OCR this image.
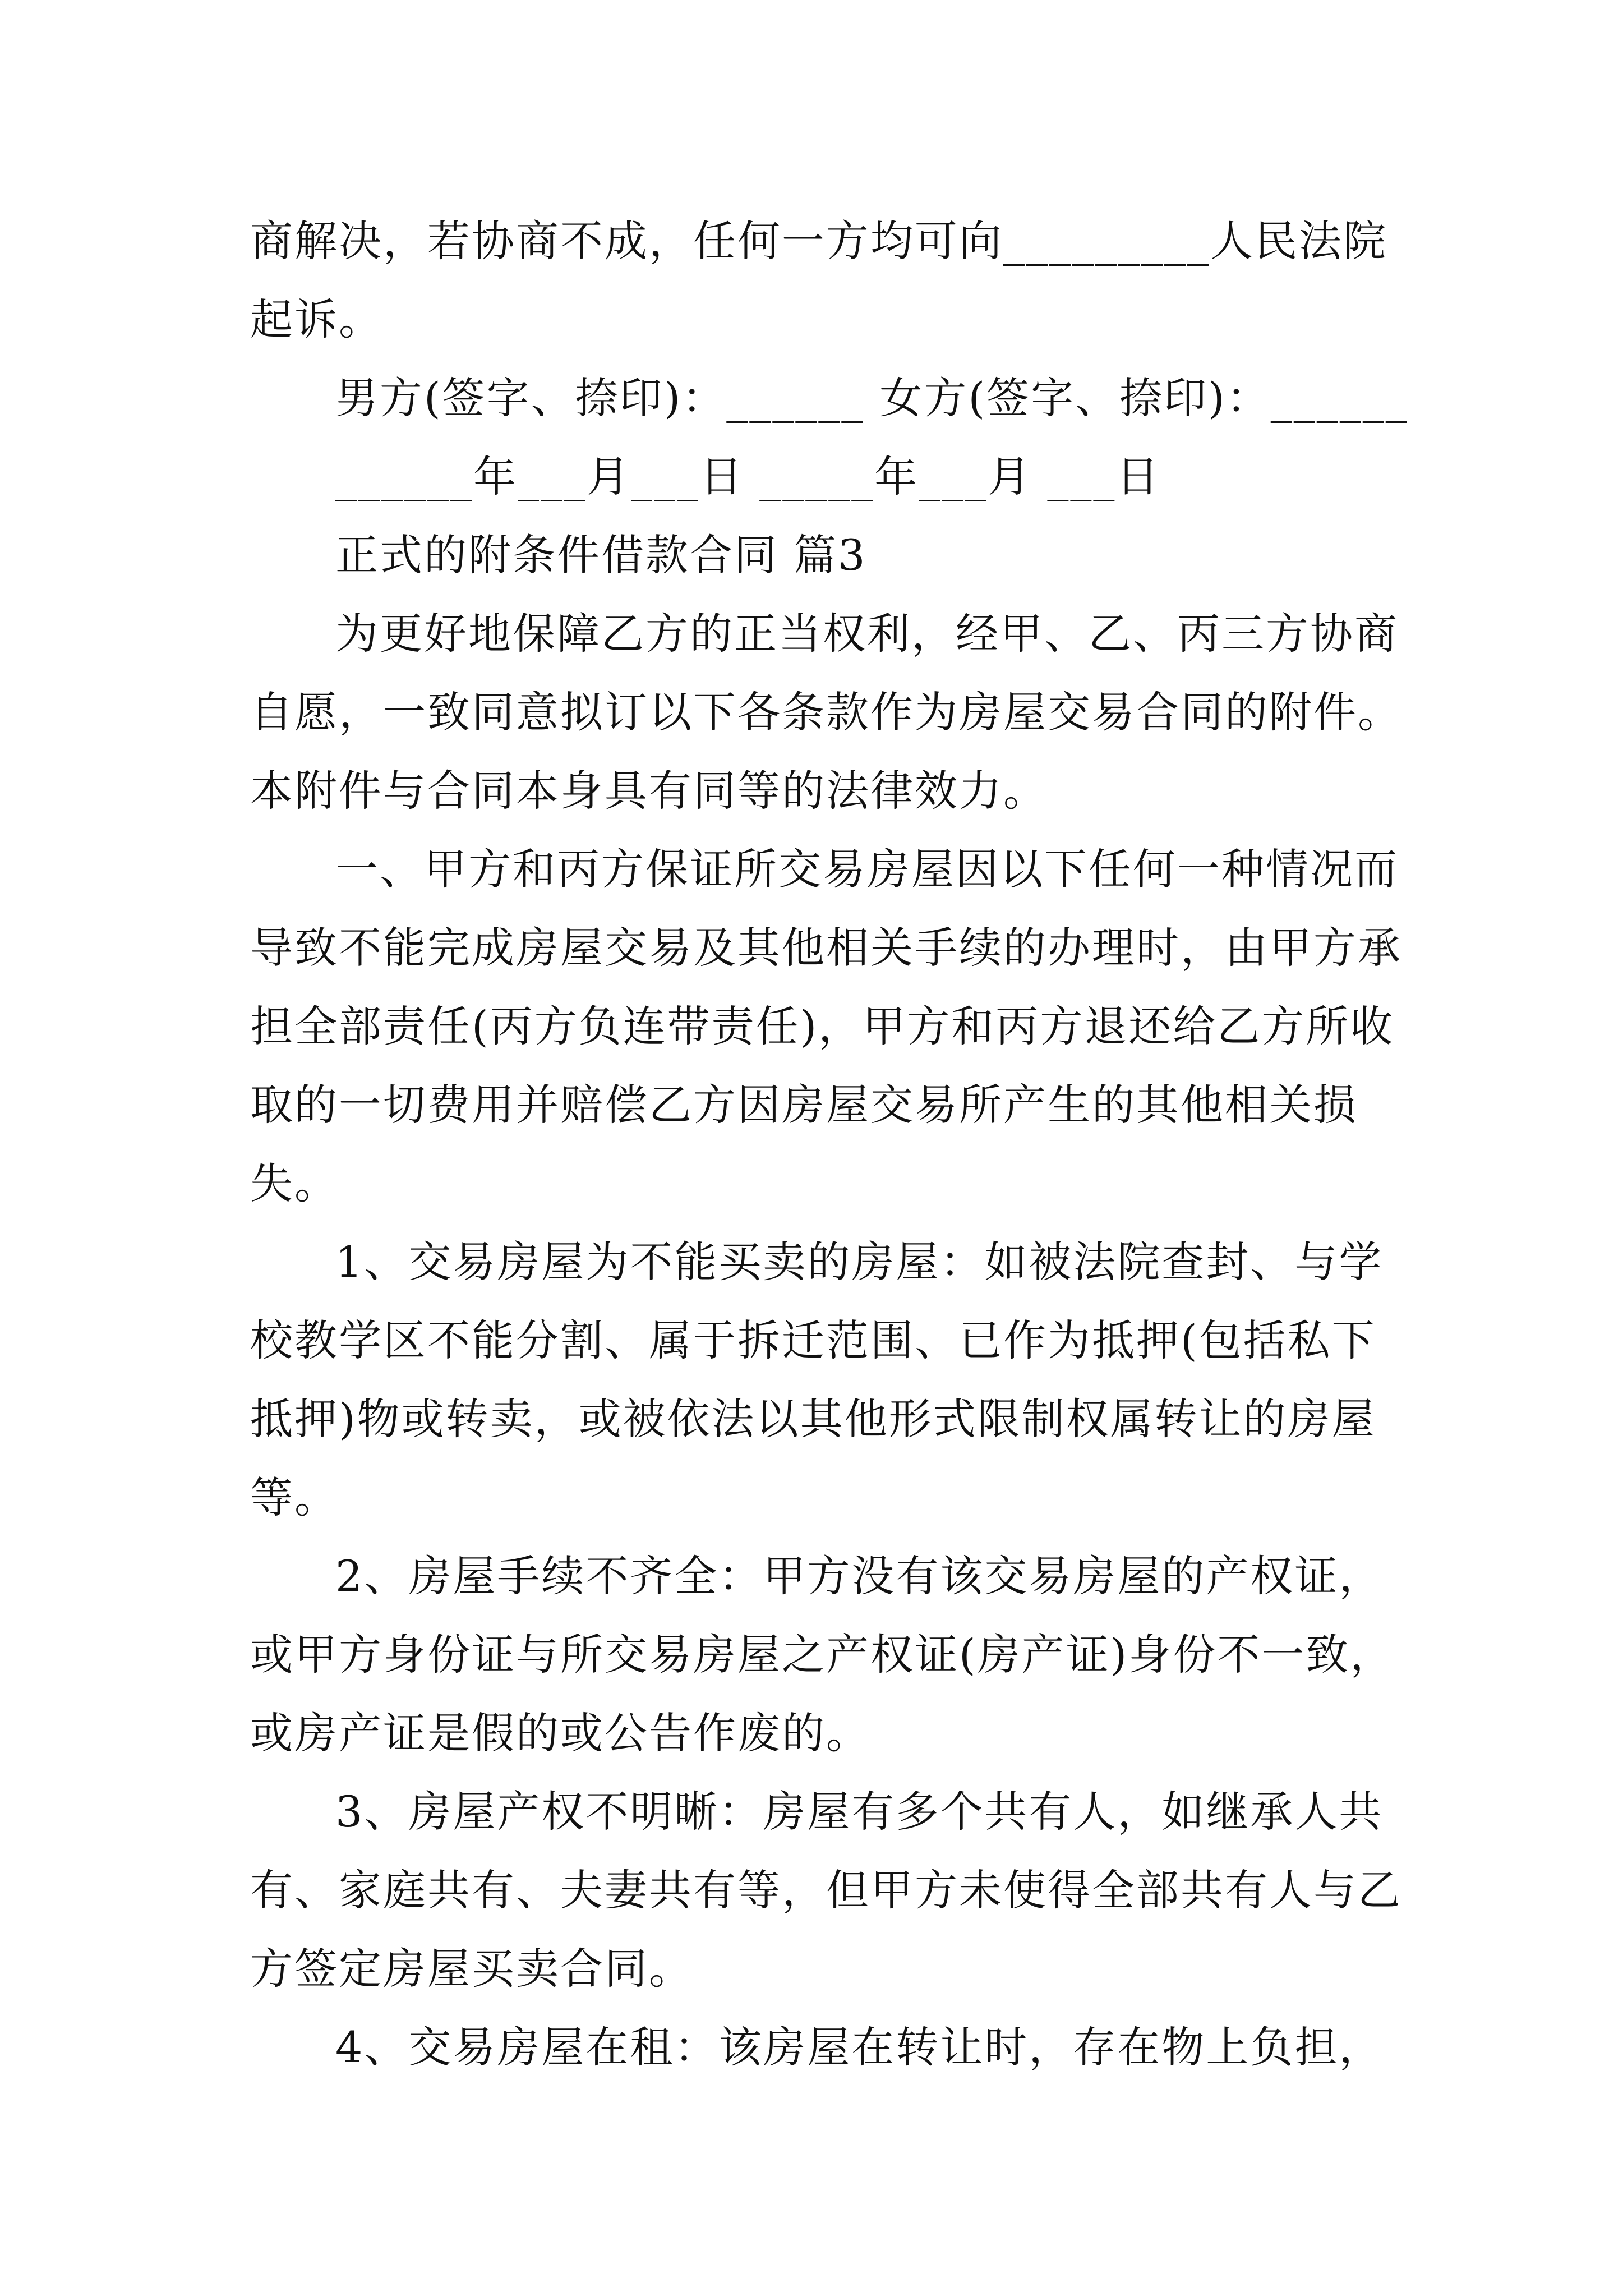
商解决，若协商不成，任何一方均可向_________人民法院
起诉。
男方(签字、捺印)：______ 女方(签字、捺印)：______
______年___月___日 _____年___月 ___日
正式的附条件借款合同 篇3
为更好地保障乙方的正当权利，经甲、乙、丙三方协商
自愿，一致同意拟订以下各条款作为房屋交易合同的附件。
本附件与合同本身具有同等的法律效力。
一、甲方和丙方保证所交易房屋因以下任何一种情况而
导致不能完成房屋交易及其他相关手续的办理时，由甲方承
担全部责任(丙方负连带责任)，甲方和丙方退还给乙方所收
取的一切费用并赔偿乙方因房屋交易所产生的其他相关损
失。
1、交易房屋为不能买卖的房屋：如被法院查封、与学
校教学区不能分割、属于拆迁范围、已作为抵押(包括私下
抵押)物或转卖，或被依法以其他形式限制权属转让的房屋
等。
2、房屋手续不齐全：甲方没有该交易房屋的产权证，
或甲方身份证与所交易房屋之产权证(房产证)身份不一致，
或房产证是假的或公告作废的。
3、房屋产权不明晰：房屋有多个共有人，如继承人共
有、家庭共有、夫妻共有等，但甲方未使得全部共有人与乙
方签定房屋买卖合同。
4、交易房屋在租：该房屋在转让时，存在物上负担，
